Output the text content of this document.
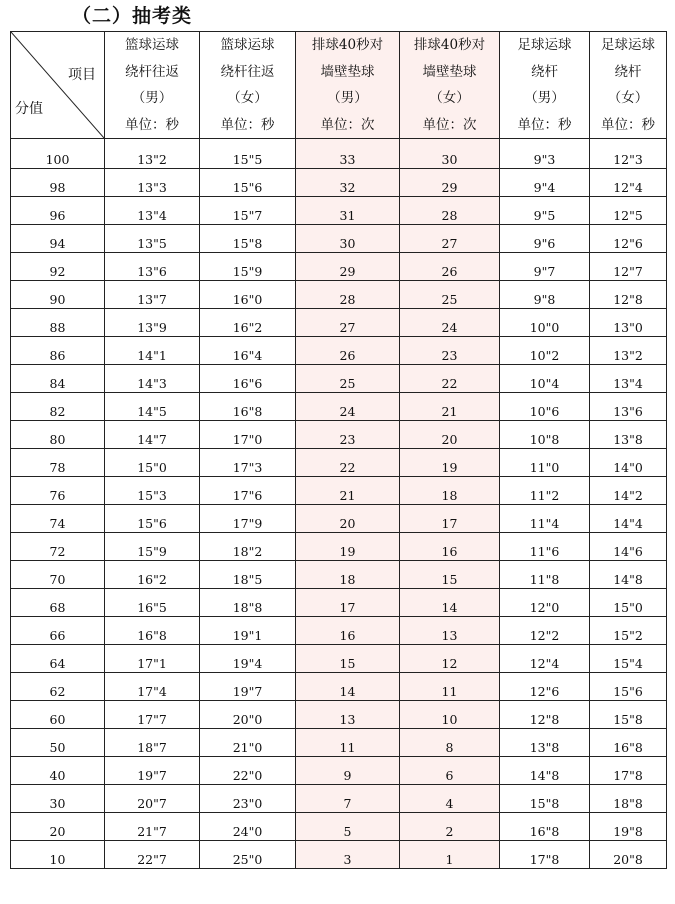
（二）抽考类
项目
分值	篮球运球
绕杆往返
（男）
单位：秒	篮球运球
绕杆往返
（女）
单位：秒	排球40秒对
墙壁垫球
（男）
单位：次	排球40秒对
墙壁垫球
（女）
单位：次	足球运球
绕杆
（男）
单位：秒	足球运球
绕杆
（女）
单位：秒

100	13"2	15"5	33	30	9"3	12"3
98	13"3	15"6	32	29	9"4	12"4
96	13"4	15"7	31	28	9"5	12"5
94	13"5	15"8	30	27	9"6	12"6
92	13"6	15"9	29	26	9"7	12"7
90	13"7	16"0	28	25	9"8	12"8
88	13"9	16"2	27	24	10"0	13"0
86	14"1	16"4	26	23	10"2	13"2
84	14"3	16"6	25	22	10"4	13"4
82	14"5	16"8	24	21	10"6	13"6
80	14"7	17"0	23	20	10"8	13"8
78	15"0	17"3	22	19	11"0	14"0
76	15"3	17"6	21	18	11"2	14"2
74	15"6	17"9	20	17	11"4	14"4
72	15"9	18"2	19	16	11"6	14"6
70	16"2	18"5	18	15	11"8	14"8
68	16"5	18"8	17	14	12"0	15"0
66	16"8	19"1	16	13	12"2	15"2
64	17"1	19"4	15	12	12"4	15"4
62	17"4	19"7	14	11	12"6	15"6
60	17"7	20"0	13	10	12"8	15"8
50	18"7	21"0	11	8	13"8	16"8
40	19"7	22"0	9	6	14"8	17"8
30	20"7	23"0	7	4	15"8	18"8
20	21"7	24"0	5	2	16"8	19"8
10	22"7	25"0	3	1	17"8	20"8
